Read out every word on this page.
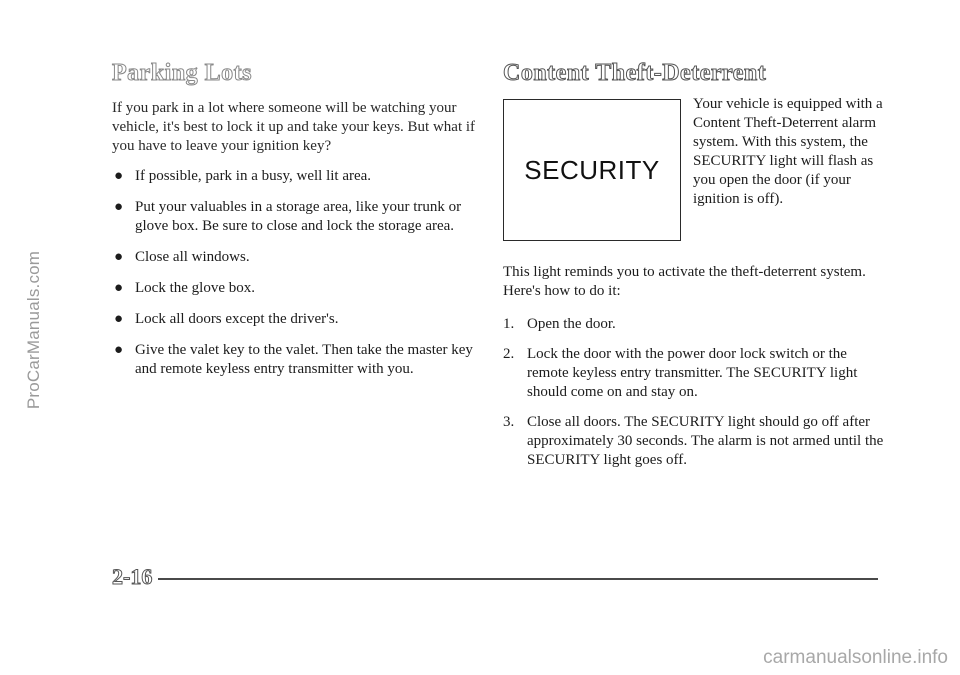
ProCarManuals.com
Parking Lots

If you park in a lot where someone will be watching your vehicle, it's best to lock it up and take your keys. But what if you have to leave your ignition key?

● If possible, park in a busy, well lit area.
● Put your valuables in a storage area, like your trunk or glove box. Be sure to close and lock the storage area.
● Close all windows.
● Lock the glove box.
● Lock all doors except the driver's.
● Give the valet key to the valet. Then take the master key and remote keyless entry transmitter with you.
Content Theft-Deterrent
SECURITY

Your vehicle is equipped with a Content Theft-Deterrent alarm system. With this system, the SECURITY light will flash as you open the door (if your ignition is off).

This light reminds you to activate the theft-deterrent system. Here's how to do it:

1. Open the door.
2. Lock the door with the power door lock switch or the remote keyless entry transmitter. The SECURITY light should come on and stay on.
3. Close all doors. The SECURITY light should go off after approximately 30 seconds. The alarm is not armed until the SECURITY light goes off.
2-16
carmanualsonline.info
